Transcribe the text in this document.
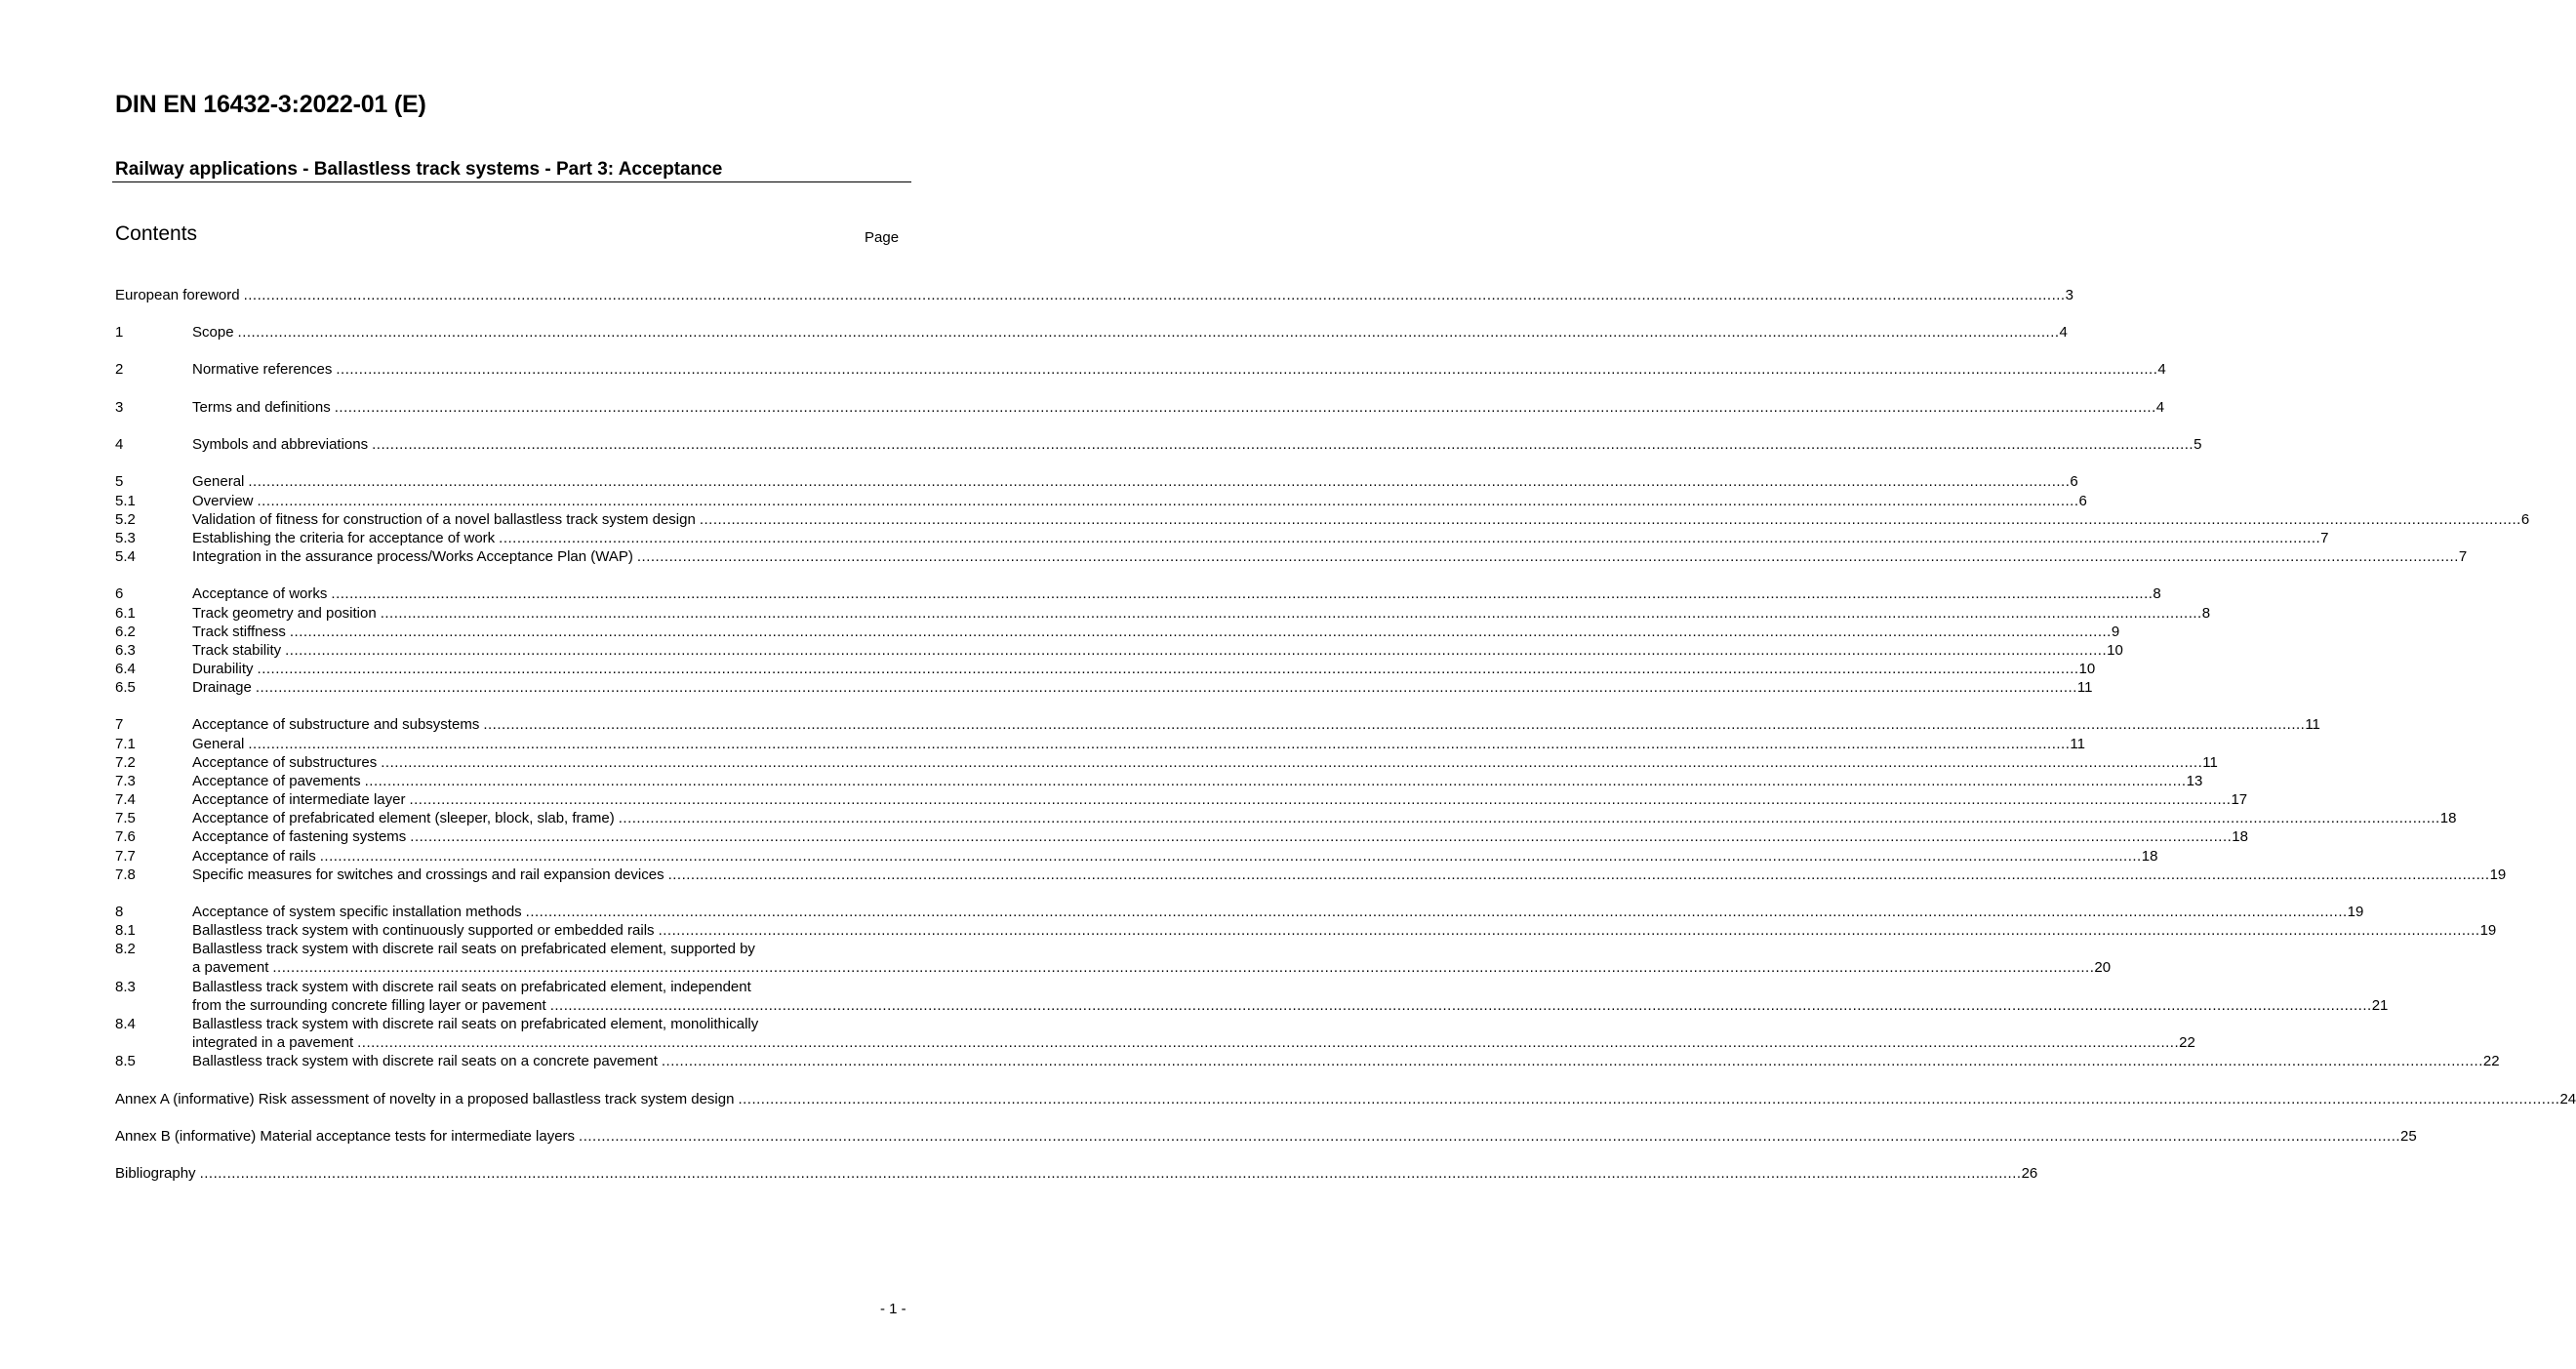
DIN EN 16432-3:2022-01 (E)
Railway applications - Ballastless track systems - Part 3: Acceptance
Contents	Page
European foreword ................................................................................................................................................................................................................................................................................................................................................................................................................ 3
1	Scope ................................................................................................................................................................................................................................................................................................................................................................................................................ 4
2	Normative references ................................................................................................................................................................................................................................................................................................................................................................................................................ 4
3	Terms and definitions ................................................................................................................................................................................................................................................................................................................................................................................................................ 4
4	Symbols and abbreviations ................................................................................................................................................................................................................................................................................................................................................................................................................ 5
5	General ................................................................................................................................................................................................................................................................................................................................................................................................................ 6
5.1	Overview ................................................................................................................................................................................................................................................................................................................................................................................................................ 6
5.2	Validation of fitness for construction of a novel ballastless track system design ................................................................................................................................................................................................................................................................................................................................................................................................................ 6
5.3	Establishing the criteria for acceptance of work ................................................................................................................................................................................................................................................................................................................................................................................................................ 7
5.4	Integration in the assurance process/Works Acceptance Plan (WAP) ................................................................................................................................................................................................................................................................................................................................................................................................................ 7
6	Acceptance of works ................................................................................................................................................................................................................................................................................................................................................................................................................ 8
6.1	Track geometry and position ................................................................................................................................................................................................................................................................................................................................................................................................................ 8
6.2	Track stiffness ................................................................................................................................................................................................................................................................................................................................................................................................................ 9
6.3	Track stability ................................................................................................................................................................................................................................................................................................................................................................................................................ 10
6.4	Durability ................................................................................................................................................................................................................................................................................................................................................................................................................ 10
6.5	Drainage ................................................................................................................................................................................................................................................................................................................................................................................................................ 11
7	Acceptance of substructure and subsystems ................................................................................................................................................................................................................................................................................................................................................................................................................ 11
7.1	General ................................................................................................................................................................................................................................................................................................................................................................................................................ 11
7.2	Acceptance of substructures ................................................................................................................................................................................................................................................................................................................................................................................................................ 11
7.3	Acceptance of pavements ................................................................................................................................................................................................................................................................................................................................................................................................................ 13
7.4	Acceptance of intermediate layer ................................................................................................................................................................................................................................................................................................................................................................................................................ 17
7.5	Acceptance of prefabricated element (sleeper, block, slab, frame) ................................................................................................................................................................................................................................................................................................................................................................................................................ 18
7.6	Acceptance of fastening systems ................................................................................................................................................................................................................................................................................................................................................................................................................ 18
7.7	Acceptance of rails ................................................................................................................................................................................................................................................................................................................................................................................................................ 18
7.8	Specific measures for switches and crossings and rail expansion devices ................................................................................................................................................................................................................................................................................................................................................................................................................ 19
8	Acceptance of system specific installation methods ................................................................................................................................................................................................................................................................................................................................................................................................................ 19
8.1	Ballastless track system with continuously supported or embedded rails ................................................................................................................................................................................................................................................................................................................................................................................................................ 19
8.2	Ballastless track system with discrete rail seats on prefabricated element, supported by
a pavement ................................................................................................................................................................................................................................................................................................................................................................................................................ 20
8.3	Ballastless track system with discrete rail seats on prefabricated element, independent
from the surrounding concrete filling layer or pavement ................................................................................................................................................................................................................................................................................................................................................................................................................ 21
8.4	Ballastless track system with discrete rail seats on prefabricated element, monolithically
integrated in a pavement ................................................................................................................................................................................................................................................................................................................................................................................................................ 22
8.5	Ballastless track system with discrete rail seats on a concrete pavement ................................................................................................................................................................................................................................................................................................................................................................................................................ 22
Annex A (informative) Risk assessment of novelty in a proposed ballastless track system design ................................................................................................................................................................................................................................................................................................................................................................................................................ 24
Annex B (informative) Material acceptance tests for intermediate layers ................................................................................................................................................................................................................................................................................................................................................................................................................ 25
Bibliography ................................................................................................................................................................................................................................................................................................................................................................................................................ 26
- 1 -
